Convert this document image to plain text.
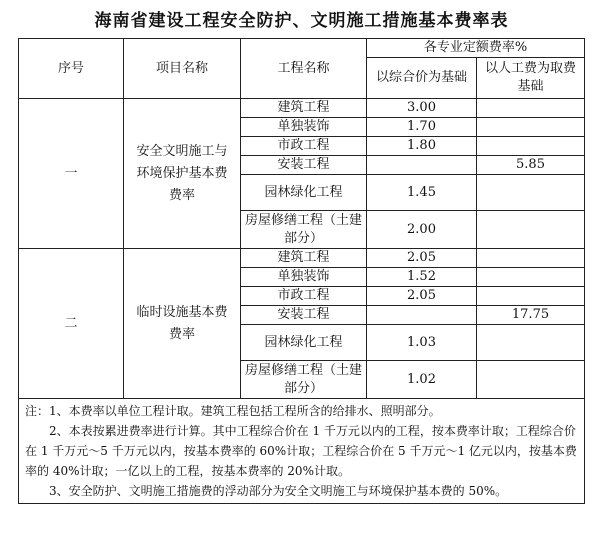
海南省建设工程安全防护、文明施工措施基本费率表
序号	项目名称	工程名称	各专业定额费率%	
			以综合价为基础	以人工费为取费基础
一	安全文明施工与环境保护基本费费率	建筑工程	3.00	
		单独装饰	1.70	
		市政工程	1.80	
		安装工程		5.85
		园林绿化工程	1.45	
		房屋修缮工程（土建部分）	2.00	
二	临时设施基本费费率	建筑工程	2.05	
		单独装饰	1.52	
		市政工程	2.05	
		安装工程		17.75
		园林绿化工程	1.03	
		房屋修缮工程（土建部分）	1.02	

注：1、本费率以单位工程计取。建筑工程包括工程所含的给排水、照明部分。
2、本表按累进费率进行计算。其中工程综合价在 1 千万元以内的工程，按本费率计取；工程综合价在 1 千万元～5 千万元以内，按基本费率的 60%计取；工程综合价在 5 千万元～1 亿元以内，按基本费率的 40%计取；一亿以上的工程，按基本费率的 20%计取。
3、安全防护、文明施工措施费的浮动部分为安全文明施工与环境保护基本费的 50%。				
